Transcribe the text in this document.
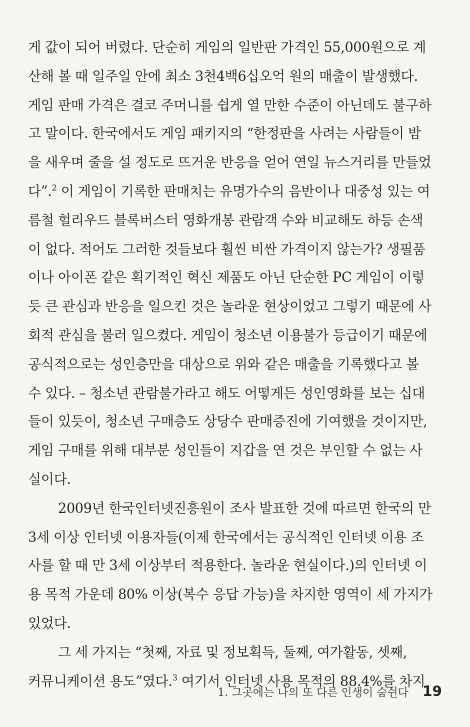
게 값이 되어 버렸다. 단순히 게임의 일반판 가격인 55,000원으로 계
산해 볼 때 일주일 안에 최소 3천4백6십오억 원의 매출이 발생했다.
게임 판매 가격은 결코 주머니를 쉽게 열 만한 수준이 아닌데도 불구하
고 말이다. 한국에서도 게임 패키지의 “한정판을 사려는 사람들이 밤
을 새우며 줄을 설 정도로 뜨거운 반응을 얻어 연일 뉴스거리를 만들었
다”.$^2$ 이 게임이 기록한 판매치는 유명가수의 음반이나 대중성 있는 여
름철 헐리우드 블록버스터 영화개봉 관람객 수와 비교해도 하등 손색
이 없다. 적어도 그러한 것들보다 훨씬 비싼 가격이지 않는가? 생필품
이나 아이폰 같은 획기적인 혁신 제품도 아닌 단순한 PC 게임이 이렇
듯 큰 관심과 반응을 일으킨 것은 놀라운 현상이었고 그렇기 때문에 사
회적 관심을 불러 일으켰다. 게임이 청소년 이용불가 등급이기 때문에
공식적으로는 성인층만을 대상으로 위와 같은 매출을 기록했다고 볼
수 있다. – 청소년 관람불가라고 해도 어떻게든 성인영화를 보는 십대
들이 있듯이, 청소년 구매층도 상당수 판매증진에 기여했을 것이지만,
게임 구매를 위해 대부분 성인들이 지갑을 연 것은 부인할 수 없는 사
실이다.
2009년 한국인터넷진흥원이 조사 발표한 것에 따르면 한국의 만
3세 이상 인터넷 이용자들(이제 한국에서는 공식적인 인터넷 이용 조
사를 할 때 만 3세 이상부터 적용한다. 놀라운 현실이다.)의 인터넷 이
용 목적 가운데 80% 이상(복수 응답 가능)을 차지한 영역이 세 가지가
있었다.
그 세 가지는 “첫째, 자료 및 정보획득, 둘째, 여가활동, 셋째,
커뮤니케이션 용도”였다.$^3$ 여기서 인터넷 사용 목적의 88.4%를 차지
1. 그곳에는 나의 또 다른 인생이 숨쉰다 19
